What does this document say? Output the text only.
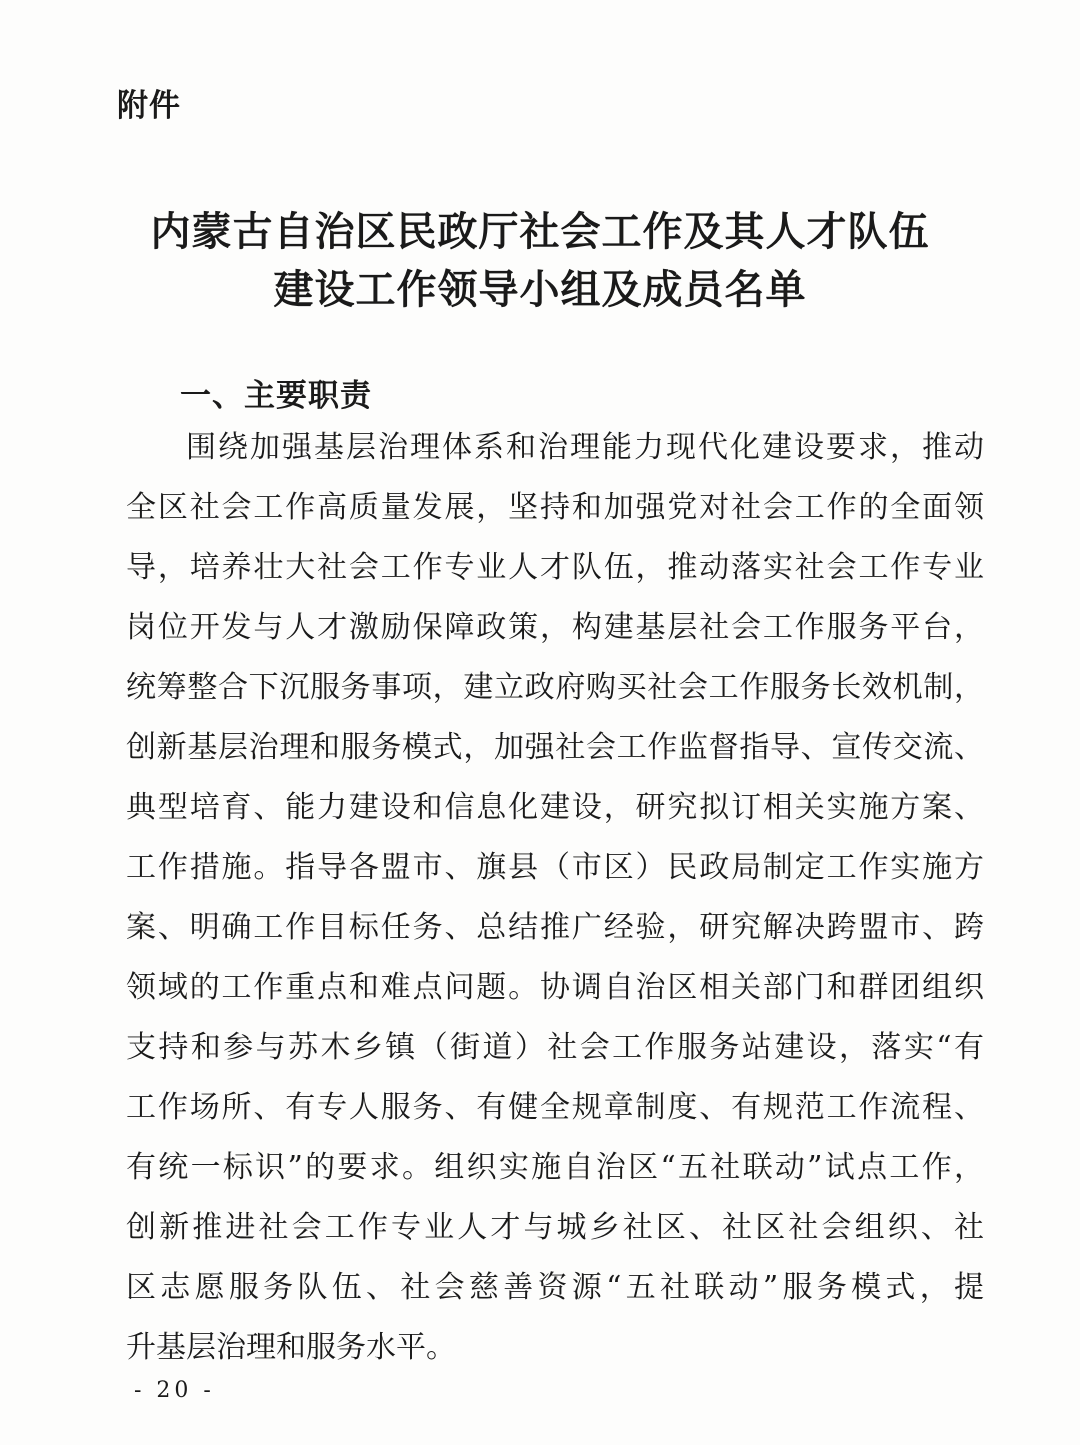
附件
内蒙古自治区民政厅社会工作及其人才队伍
建设工作领导小组及成员名单
一、主要职责
围绕加强基层治理体系和治理能力现代化建设要求，推动
全区社会工作高质量发展，坚持和加强党对社会工作的全面领
导，培养壮大社会工作专业人才队伍，推动落实社会工作专业
岗位开发与人才激励保障政策，构建基层社会工作服务平台，
统筹整合下沉服务事项，建立政府购买社会工作服务长效机制，
创新基层治理和服务模式，加强社会工作监督指导、宣传交流、
典型培育、能力建设和信息化建设，研究拟订相关实施方案、
工作措施。指导各盟市、旗县（市区）民政局制定工作实施方
案、明确工作目标任务、总结推广经验，研究解决跨盟市、跨
领域的工作重点和难点问题。协调自治区相关部门和群团组织
支持和参与苏木乡镇（街道）社会工作服务站建设，落实“有
工作场所、有专人服务、有健全规章制度、有规范工作流程、
有统一标识”的要求。组织实施自治区“五社联动”试点工作，
创新推进社会工作专业人才与城乡社区、社区社会组织、社
区志愿服务队伍、社会慈善资源“五社联动”服务模式，提
升基层治理和服务水平。
- 20 -
